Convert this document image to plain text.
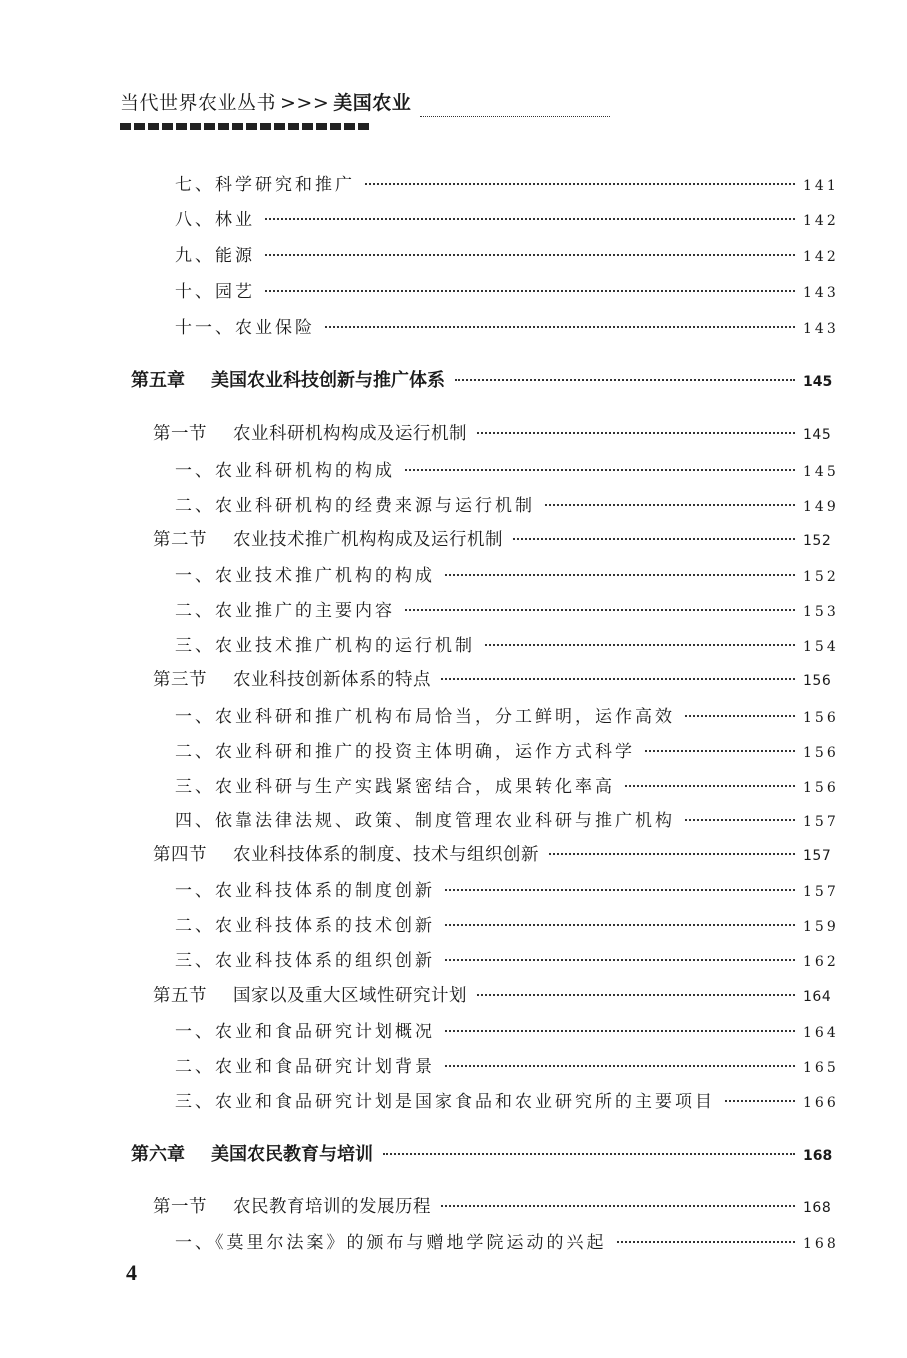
当代世界农业丛书 >>> 美国农业
七、科学研究和推广	141
八、林业	142
九、能源	142
十、园艺	143
十一、农业保险	143
第五章 美国农业科技创新与推广体系	145
第一节 农业科研机构构成及运行机制	145
一、农业科研机构的构成	145
二、农业科研机构的经费来源与运行机制	149
第二节 农业技术推广机构构成及运行机制	152
一、农业技术推广机构的构成	152
二、农业推广的主要内容	153
三、农业技术推广机构的运行机制	154
第三节 农业科技创新体系的特点	156
一、农业科研和推广机构布局恰当，分工鲜明，运作高效	156
二、农业科研和推广的投资主体明确，运作方式科学	156
三、农业科研与生产实践紧密结合，成果转化率高	156
四、依靠法律法规、政策、制度管理农业科研与推广机构	157
第四节 农业科技体系的制度、技术与组织创新	157
一、农业科技体系的制度创新	157
二、农业科技体系的技术创新	159
三、农业科技体系的组织创新	162
第五节 国家以及重大区域性研究计划	164
一、农业和食品研究计划概况	164
二、农业和食品研究计划背景	165
三、农业和食品研究计划是国家食品和农业研究所的主要项目	166
第六章 美国农民教育与培训	168
第一节 农民教育培训的发展历程	168
一、《莫里尔法案》的颁布与赠地学院运动的兴起	168
4
